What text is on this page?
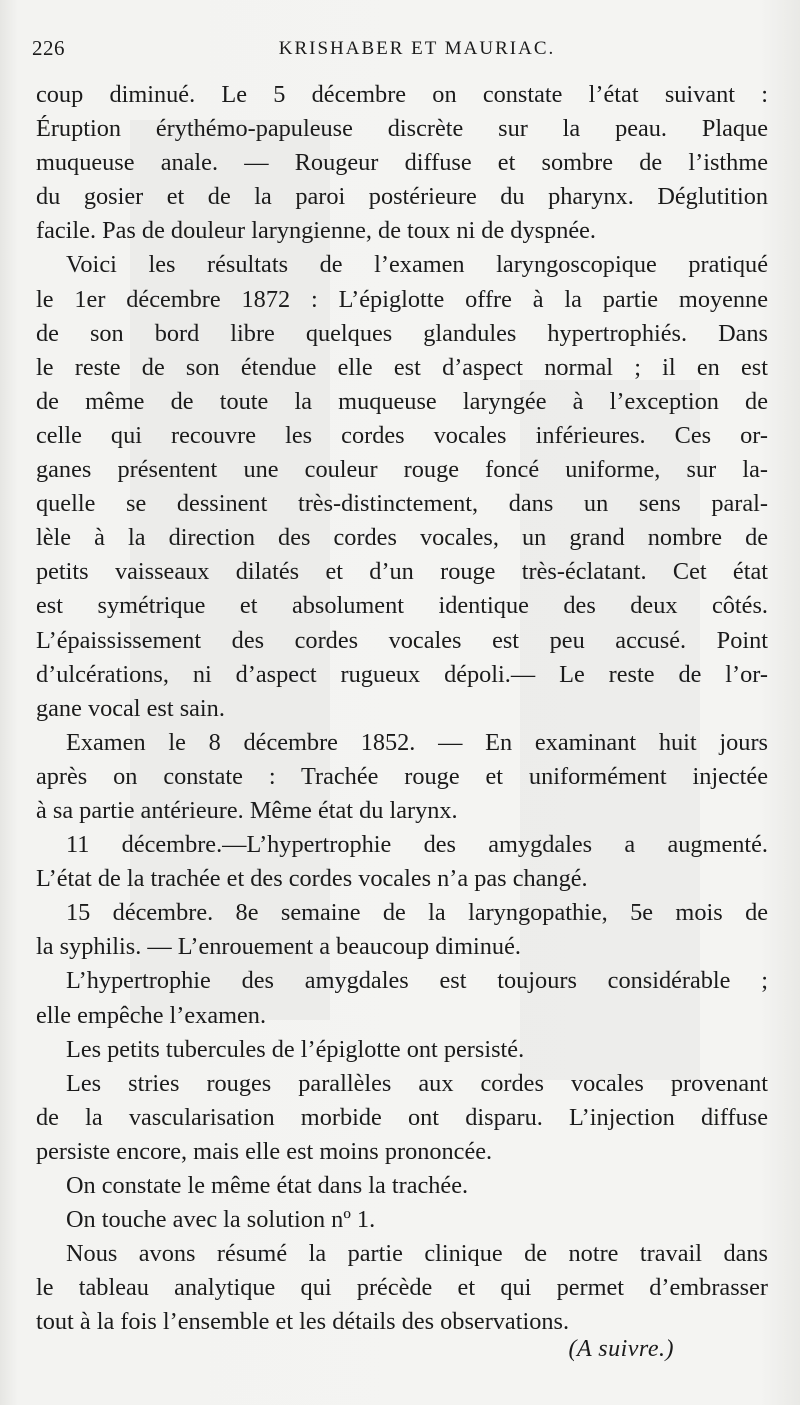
226	KRISHABER ET MAURIAC.
coup diminué. Le 5 décembre on constate l’état suivant :
Éruption érythémo-papuleuse discrète sur la peau. Plaque
muqueuse anale. — Rougeur diffuse et sombre de l’isthme
du gosier et de la paroi postérieure du pharynx. Déglutition
facile. Pas de douleur laryngienne, de toux ni de dyspnée.
Voici les résultats de l’examen laryngoscopique pratiqué
le 1er décembre 1872 : L’épiglotte offre à la partie moyenne
de son bord libre quelques glandules hypertrophiés. Dans
le reste de son étendue elle est d’aspect normal ; il en est
de même de toute la muqueuse laryngée à l’exception de
celle qui recouvre les cordes vocales inférieures. Ces or-
ganes présentent une couleur rouge foncé uniforme, sur la-
quelle se dessinent très-distinctement, dans un sens paral-
lèle à la direction des cordes vocales, un grand nombre de
petits vaisseaux dilatés et d’un rouge très-éclatant. Cet état
est symétrique et absolument identique des deux côtés.
L’épaississement des cordes vocales est peu accusé. Point
d’ulcérations, ni d’aspect rugueux dépoli.— Le reste de l’or-
gane vocal est sain.
Examen le 8 décembre 1852. — En examinant huit jours
après on constate : Trachée rouge et uniformément injectée
à sa partie antérieure. Même état du larynx.
11 décembre.—L’hypertrophie des amygdales a augmenté.
L’état de la trachée et des cordes vocales n’a pas changé.
15 décembre. 8e semaine de la laryngopathie, 5e mois de
la syphilis. — L’enrouement a beaucoup diminué.
L’hypertrophie des amygdales est toujours considérable ;
elle empêche l’examen.
Les petits tubercules de l’épiglotte ont persisté.
Les stries rouges parallèles aux cordes vocales provenant
de la vascularisation morbide ont disparu. L’injection diffuse
persiste encore, mais elle est moins prononcée.
On constate le même état dans la trachée.
On touche avec la solution nº 1.
Nous avons résumé la partie clinique de notre travail dans
le tableau analytique qui précède et qui permet d’embrasser
tout à la fois l’ensemble et les détails des observations.
(A suivre.)
